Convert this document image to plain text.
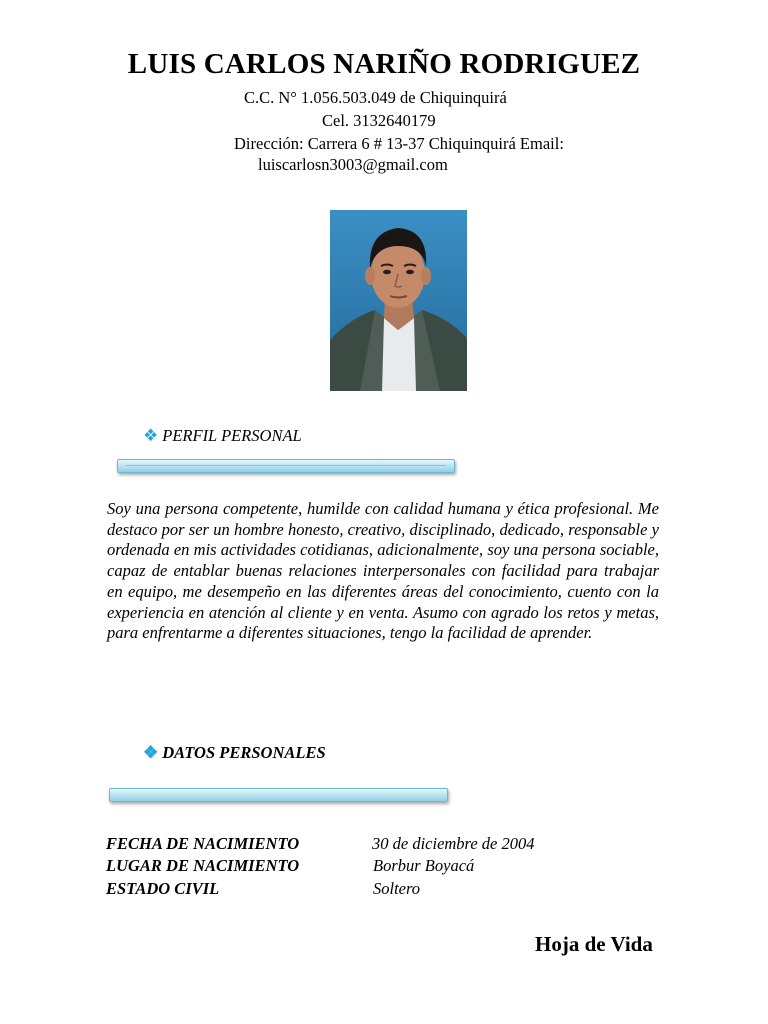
LUIS CARLOS NARIÑO RODRIGUEZ
C.C. N° 1.056.503.049 de Chiquinquirá
Cel. 3132640179
Dirección: Carrera 6 # 13-37 Chiquinquirá Email:
luiscarlosn3003@gmail.com
❖ PERFIL PERSONAL
Soy una persona competente, humilde con calidad humana y ética profesional. Me destaco por ser un hombre honesto, creativo, disciplinado, dedicado, responsable y ordenada en mis actividades cotidianas, adicionalmente, soy una persona sociable, capaz de entablar buenas relaciones interpersonales con facilidad para trabajar en equipo, me desempeño en las diferentes áreas del conocimiento, cuento con la experiencia en atención al cliente y en venta. Asumo con agrado los retos y metas, para enfrentarme a diferentes situaciones, tengo la facilidad de aprender.
❖ DATOS PERSONALES
FECHA DE NACIMIENTO	30 de diciembre de 2004
LUGAR DE NACIMIENTO	Borbur Boyacá
ESTADO CIVIL	Soltero
Hoja de Vida
